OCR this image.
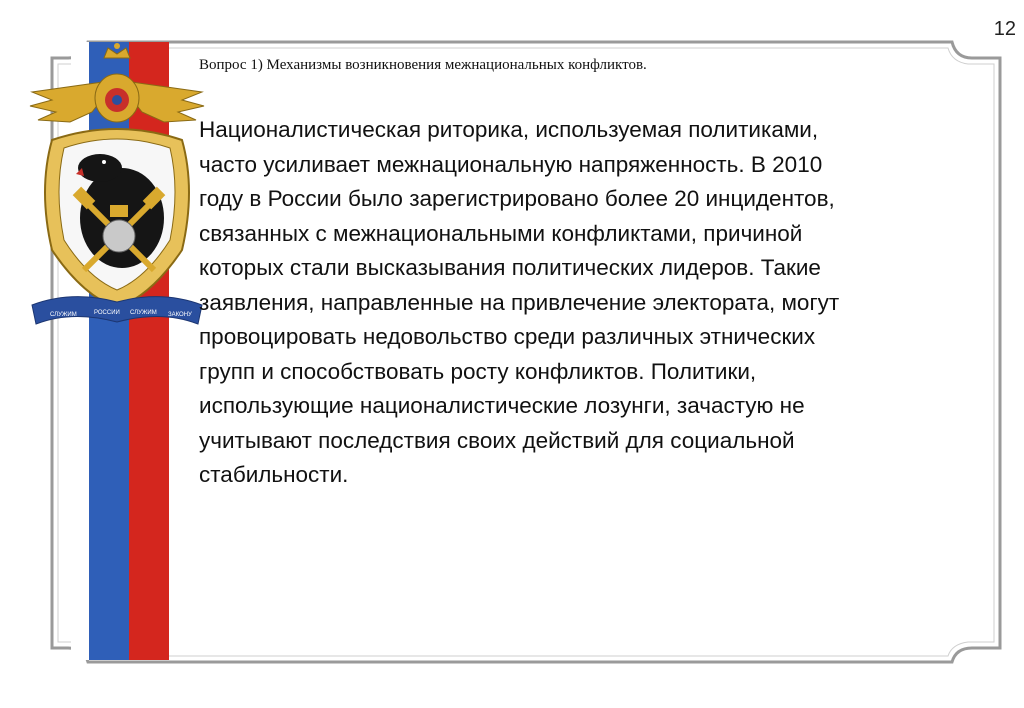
12
СЛУЖИМ	РОССИИ СЛУЖИМ ЗАКОНУ
Вопрос 1) Механизмы возникновения межнациональных конфликтов.
Националистическая риторика, используемая политиками,
часто усиливает межнациональную напряженность. В 2010
году в России было зарегистрировано более 20 инцидентов,
связанных с межнациональными конфликтами, причиной
которых стали высказывания политических лидеров. Такие
заявления, направленные на привлечение электората, могут
провоцировать недовольство среди различных этнических
групп и способствовать росту конфликтов. Политики,
использующие националистические лозунги, зачастую не
учитывают последствия своих действий для социальной
стабильности.
